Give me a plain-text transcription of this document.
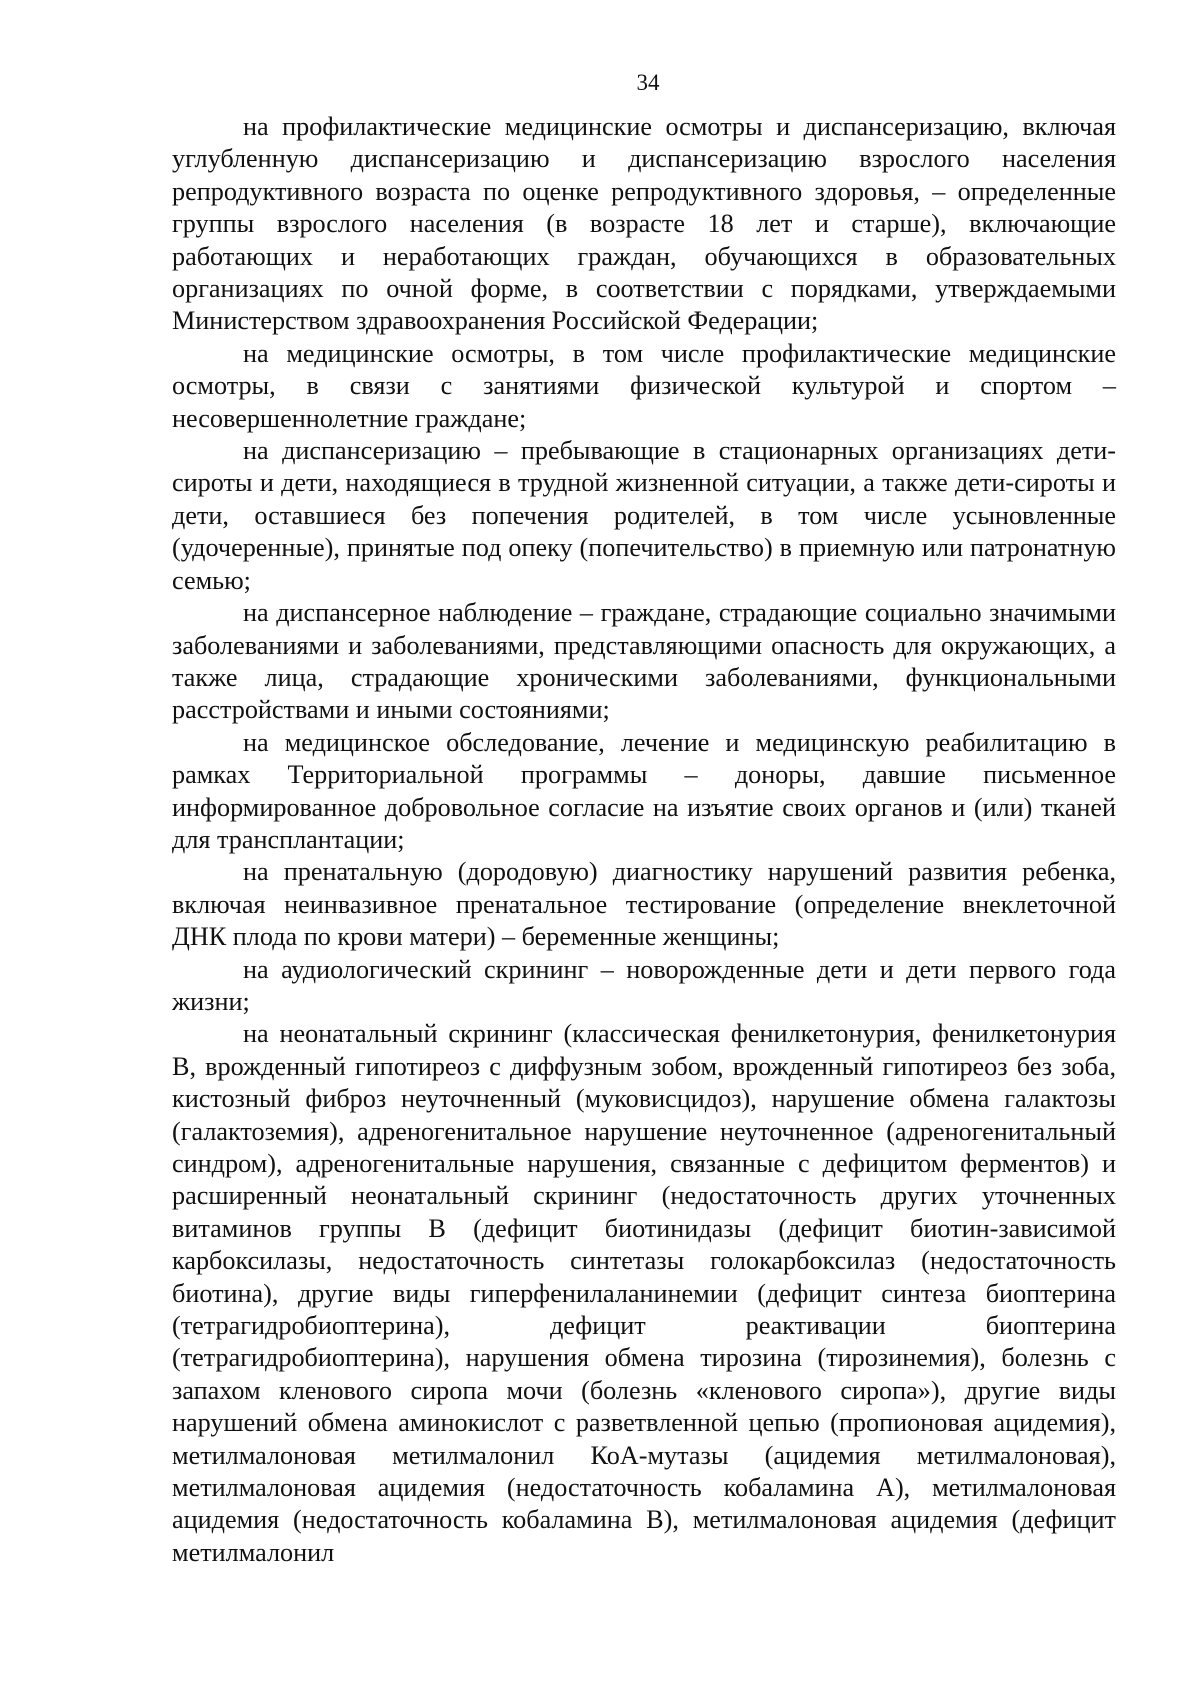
34

на профилактические медицинские осмотры и диспансеризацию, включая углубленную диспансеризацию и диспансеризацию взрослого населения репродуктивного возраста по оценке репродуктивного здоровья, – определенные группы взрослого населения (в возрасте 18 лет и старше), включающие работающих и неработающих граждан, обучающихся в образовательных организациях по очной форме, в соответствии с порядками, утверждаемыми Министерством здравоохранения Российской Федерации;

на медицинские осмотры, в том числе профилактические медицинские осмотры, в связи с занятиями физической культурой и спортом – несовершеннолетние граждане;

на диспансеризацию – пребывающие в стационарных организациях дети-сироты и дети, находящиеся в трудной жизненной ситуации, а также дети-сироты и дети, оставшиеся без попечения родителей, в том числе усыновленные (удочеренные), принятые под опеку (попечительство) в приемную или патронатную семью;

на диспансерное наблюдение – граждане, страдающие социально значимыми заболеваниями и заболеваниями, представляющими опасность для окружающих, а также лица, страдающие хроническими заболеваниями, функциональными расстройствами и иными состояниями;

на медицинское обследование, лечение и медицинскую реабилитацию в рамках Территориальной программы – доноры, давшие письменное информированное добровольное согласие на изъятие своих органов и (или) тканей для трансплантации;

на пренатальную (дородовую) диагностику нарушений развития ребенка, включая неинвазивное пренатальное тестирование (определение внеклеточной ДНК плода по крови матери) – беременные женщины;

на аудиологический скрининг – новорожденные дети и дети первого года жизни;

на неонатальный скрининг (классическая фенилкетонурия, фенилкетонурия B, врожденный гипотиреоз с диффузным зобом, врожденный гипотиреоз без зоба, кистозный фиброз неуточненный (муковисцидоз), нарушение обмена галактозы (галактоземия), адреногенитальное нарушение неуточненное (адреногенитальный синдром), адреногенитальные нарушения, связанные с дефицитом ферментов) и расширенный неонатальный скрининг (недостаточность других уточненных витаминов группы B (дефицит биотинидазы (дефицит биотин-зависимой карбоксилазы, недостаточность синтетазы голокарбоксилаз (недостаточность биотина), другие виды гиперфенилаланинемии (дефицит синтеза биоптерина (тетрагидробиоптерина), дефицит реактивации биоптерина (тетрагидробиоптерина), нарушения обмена тирозина (тирозинемия), болезнь с запахом кленового сиропа мочи (болезнь «кленового сиропа»), другие виды нарушений обмена аминокислот с разветвленной цепью (пропионовая ацидемия), метилмалоновая метилмалонил КоА-мутазы (ацидемия метилмалоновая), метилмалоновая ацидемия (недостаточность кобаламина А), метилмалоновая ацидемия (недостаточность кобаламина В), метилмалоновая ацидемия (дефицит метилмалонил
